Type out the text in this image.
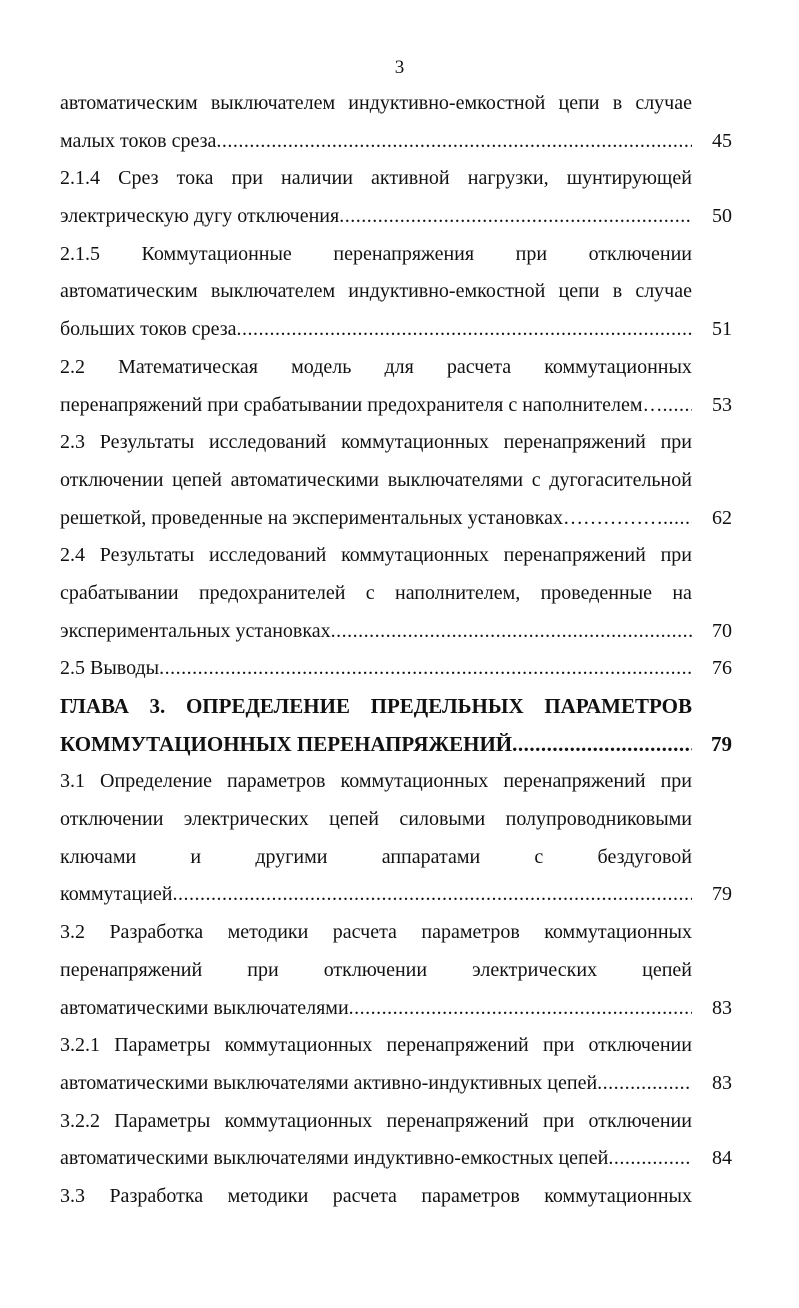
3
автоматическим выключателем индуктивно-емкостной цепи в случае
малых токов среза .....	45
2.1.4 Срез тока при наличии активной нагрузки, шунтирующей
электрическую дугу отключения .....	50
2.1.5 Коммутационные перенапряжения при отключении
автоматическим выключателем индуктивно-емкостной цепи в случае
больших токов среза .....	51
2.2 Математическая модель для расчета коммутационных
перенапряжений при срабатывании предохранителя с наполнителем… .....	53
2.3 Результаты исследований коммутационных перенапряжений при
отключении цепей автоматическими выключателями с дугогасительной
решеткой, проведенные на экспериментальных установках…………… .....	62
2.4 Результаты исследований коммутационных перенапряжений при
срабатывании предохранителей с наполнителем, проведенные на
экспериментальных установках .....	70
2.5 Выводы .....	76
ГЛАВА 3. ОПРЕДЕЛЕНИЕ ПРЕДЕЛЬНЫХ ПАРАМЕТРОВ
КОММУТАЦИОННЫХ ПЕРЕНАПРЯЖЕНИЙ .....	79
3.1 Определение параметров коммутационных перенапряжений при
отключении электрических цепей силовыми полупроводниковыми
ключами	и	другими	аппаратами	с	бездуговой
коммутацией .....	79
3.2 Разработка методики расчета параметров коммутационных
перенапряжений при отключении электрических цепей
автоматическими выключателями .....	83
3.2.1 Параметры коммутационных перенапряжений при отключении
автоматическими выключателями активно-индуктивных цепей .....	83
3.2.2 Параметры коммутационных перенапряжений при отключении
автоматическими выключателями индуктивно-емкостных цепей .....	84
3.3 Разработка методики расчета параметров коммутационных
